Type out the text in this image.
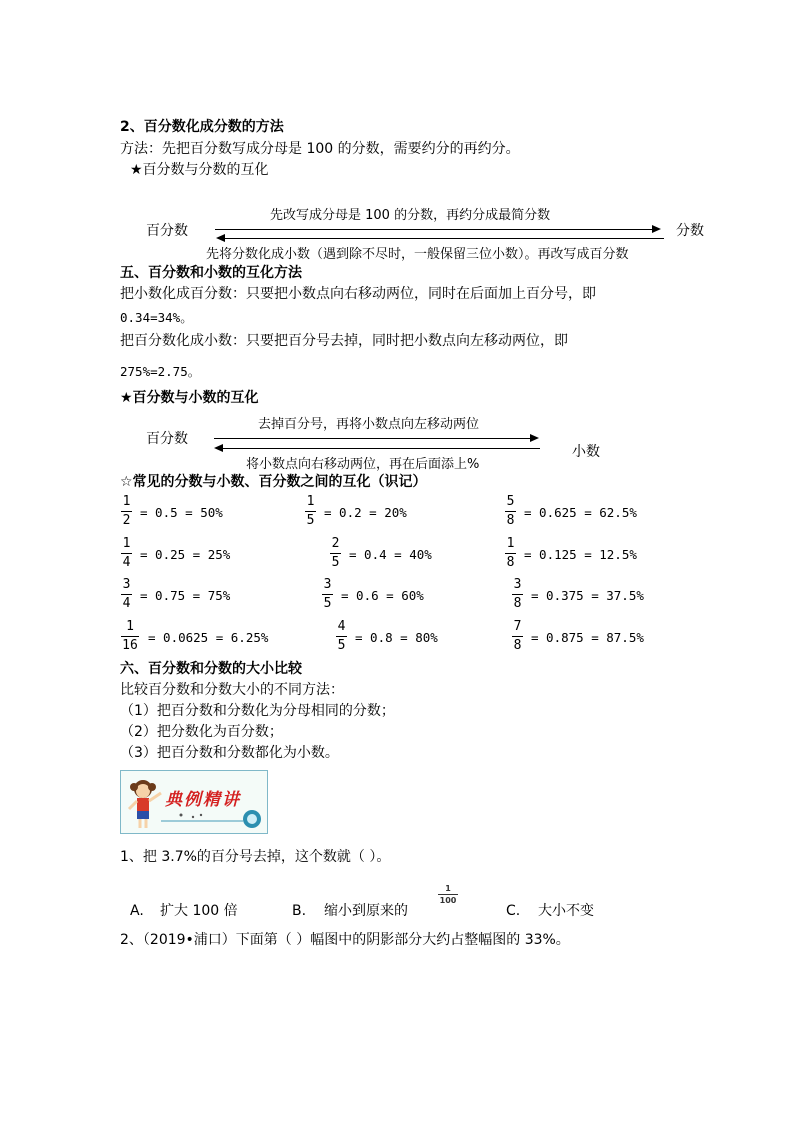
2、百分数化成分数的方法
方法：先把百分数写成分母是 100 的分数，需要约分的再约分。
★百分数与分数的互化
先改写成分母是 100 的分数，再约分成最简分数
百分数	分数
先将分数化成小数（遇到除不尽时，一般保留三位小数）。再改写成百分数
五、百分数和小数的互化方法
把小数化成百分数：只要把小数点向右移动两位，同时在后面加上百分号，即
0.34=34%。
把百分数化成小数：只要把百分号去掉，同时把小数点向左移动两位，即
275%=2.75。
★百分数与小数的互化
去掉百分号，再将小数点向左移动两位
百分数
小数
将小数点向右移动两位，再在后面添上%
☆常见的分数与小数、百分数之间的互化（识记）
1
2
= 0.5 = 50%
1
5
= 0.2 = 20%
5
8
= 0.625 = 62.5%
1
4
= 0.25 = 25%
2
5
= 0.4 = 40%
1
8
= 0.125 = 12.5%
3
4
= 0.75 = 75%
3
5
= 0.6 = 60%
3
8
= 0.375 = 37.5%
1
16
= 0.0625 = 6.25%
4
5
= 0.8 = 80%
7
8
= 0.875 = 87.5%
六、百分数和分数的大小比较
比较百分数和分数大小的不同方法：
（1）把百分数和分数化为分母相同的分数；
（2）把分数化为百分数；
（3）把百分数和分数都化为小数。
典例精讲
1、把 3.7%的百分号去掉，这个数就（ ）。
A. 扩大 100 倍	B. 缩小到原来的
1
100
C. 大小不变
2、（2019•浦口）下面第（ ）幅图中的阴影部分大约占整幅图的 33%。
